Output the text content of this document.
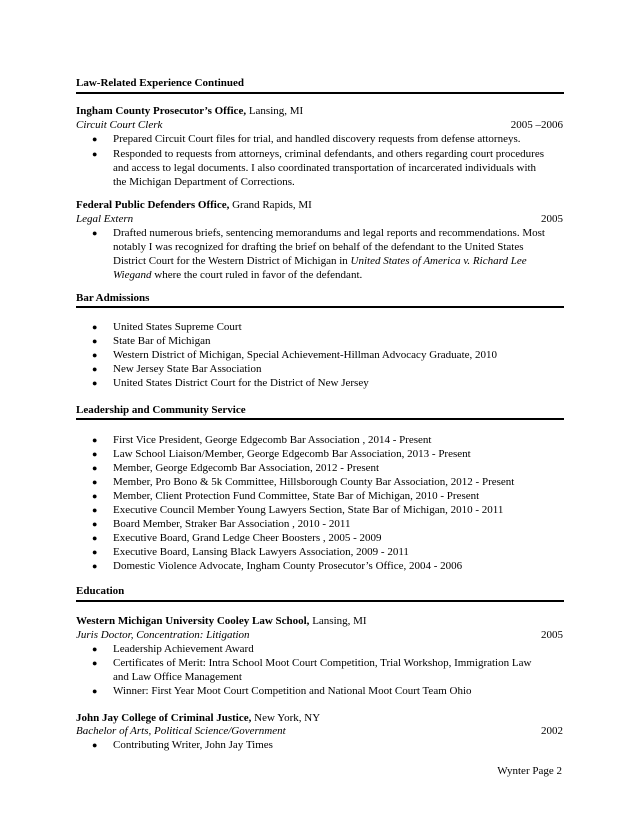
Law-Related Experience Continued
Ingham County Prosecutor’s Office, Lansing, MI
Circuit Court Clerk	2005 –2006
● Prepared Circuit Court files for trial, and handled discovery requests from defense attorneys.
● Responded to requests from attorneys, criminal defendants, and others regarding court procedures
and access to legal documents. I also coordinated transportation of incarcerated individuals with
the Michigan Department of Corrections.
Federal Public Defenders Office, Grand Rapids, MI
Legal Extern	2005
● Drafted numerous briefs, sentencing memorandums and legal reports and recommendations. Most
notably I was recognized for drafting the brief on behalf of the defendant to the United States
District Court for the Western District of Michigan in United States of America v. Richard Lee
Wiegand where the court ruled in favor of the defendant.
Bar Admissions
● United States Supreme Court
● State Bar of Michigan
● Western District of Michigan, Special Achievement-Hillman Advocacy Graduate, 2010
● New Jersey State Bar Association
● United States District Court for the District of New Jersey
Leadership and Community Service
● First Vice President, George Edgecomb Bar Association , 2014 - Present
● Law School Liaison/Member, George Edgecomb Bar Association, 2013 - Present
● Member, George Edgecomb Bar Association, 2012 - Present
● Member, Pro Bono & 5k Committee, Hillsborough County Bar Association, 2012 - Present
● Member, Client Protection Fund Committee, State Bar of Michigan, 2010 - Present
● Executive Council Member Young Lawyers Section, State Bar of Michigan, 2010 - 2011
● Board Member, Straker Bar Association , 2010 - 2011
● Executive Board, Grand Ledge Cheer Boosters , 2005 - 2009
● Executive Board, Lansing Black Lawyers Association, 2009 - 2011
● Domestic Violence Advocate, Ingham County Prosecutor’s Office, 2004 - 2006
Education
Western Michigan University Cooley Law School, Lansing, MI
Juris Doctor, Concentration: Litigation	2005
● Leadership Achievement Award
● Certificates of Merit: Intra School Moot Court Competition, Trial Workshop, Immigration Law
and Law Office Management
● Winner: First Year Moot Court Competition and National Moot Court Team Ohio
John Jay College of Criminal Justice, New York, NY
Bachelor of Arts, Political Science/Government	2002
● Contributing Writer, John Jay Times
Wynter Page 2
